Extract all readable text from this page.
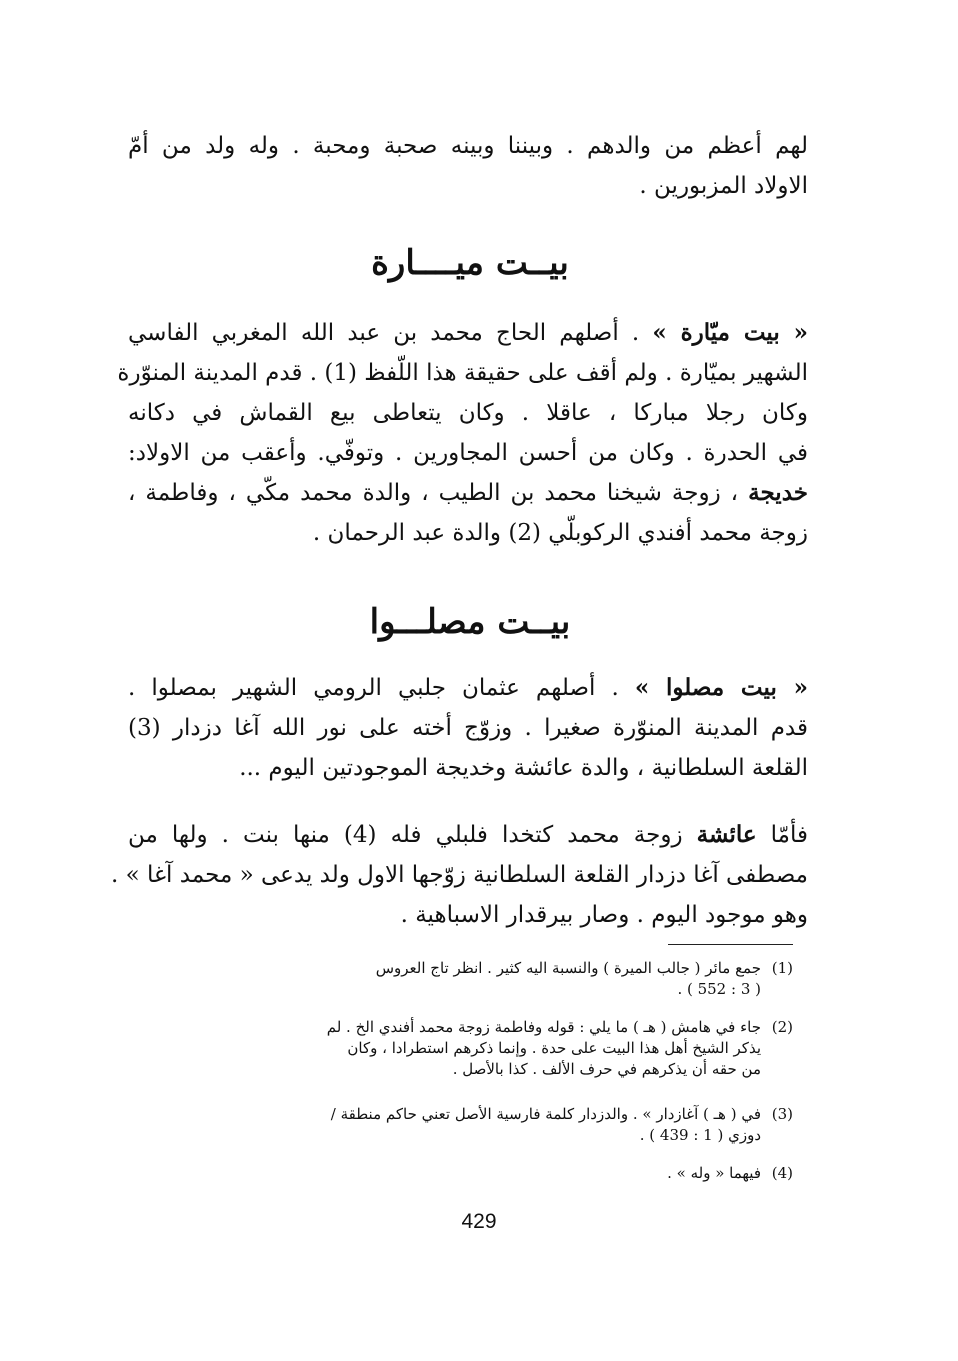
لهم أعظم من والدهم . وبيننا وبينه صحبة ومحبة . وله ولد من أمّ
الاولاد المزبورين .
بيــت ميــــارة
« بيت ميّارة » . أصلهم الحاج محمد بن عبد الله المغربي الفاسي
الشهير بميّارة . ولم أقف على حقيقة هذا اللّفظ (1) . قدم المدينة المنوّرة
وكان رجلا مباركا ، عاقلا . وكان يتعاطى بيع القماش في دكانه
في الحدرة . وكان من أحسن المجاورين . وتوفّي. وأعقب من الاولاد:
خديجة ، زوجة شيخنا محمد بن الطيب ، والدة محمد مكّي ، وفاطمة ،
زوجة محمد أفندي الركوبلّي (2) والدة عبد الرحمان .
بيــت مصلـــوا
« بيت مصلوا » . أصلهم عثمان جلبي الرومي الشهير بمصلوا .
قدم المدينة المنوّرة صغيرا . وزوّج أخته على نور الله آغا دزدار (3)
القلعة السلطانية ، والدة عائشة وخديجة الموجودتين اليوم ...
فأمّا عائشة زوجة محمد كتخدا فلبلي فله (4) منها بنت . ولها من
مصطفى آغا دزدار القلعة السلطانية زوّجها الاول ولد يدعى « محمد آغا » .
وهو موجود اليوم . وصار بيرقدار الاسباهية .
(1)
جمع مائر ( جالب الميرة ) والنسبة اليه كثير . انظر تاج العروس
( 3 : 552 ) .
(2)
جاء في هامش ( هـ ) ما يلي : قوله وفاطمة زوجة محمد أفندي الخ . لم
يذكر الشيخ أهل هذا البيت على حدة . وإنما ذكرهم استطرادا ، وكان
من حقه أن يذكرهم في حرف الألف . كذا بالأصل .
(3)
في ( هـ ) آغازدار » . والدزدار كلمة فارسية الأصل تعني حاكم منطقة /
دوزي ( 1 : 439 ) .
(4)
فيهما « وله » .
429
